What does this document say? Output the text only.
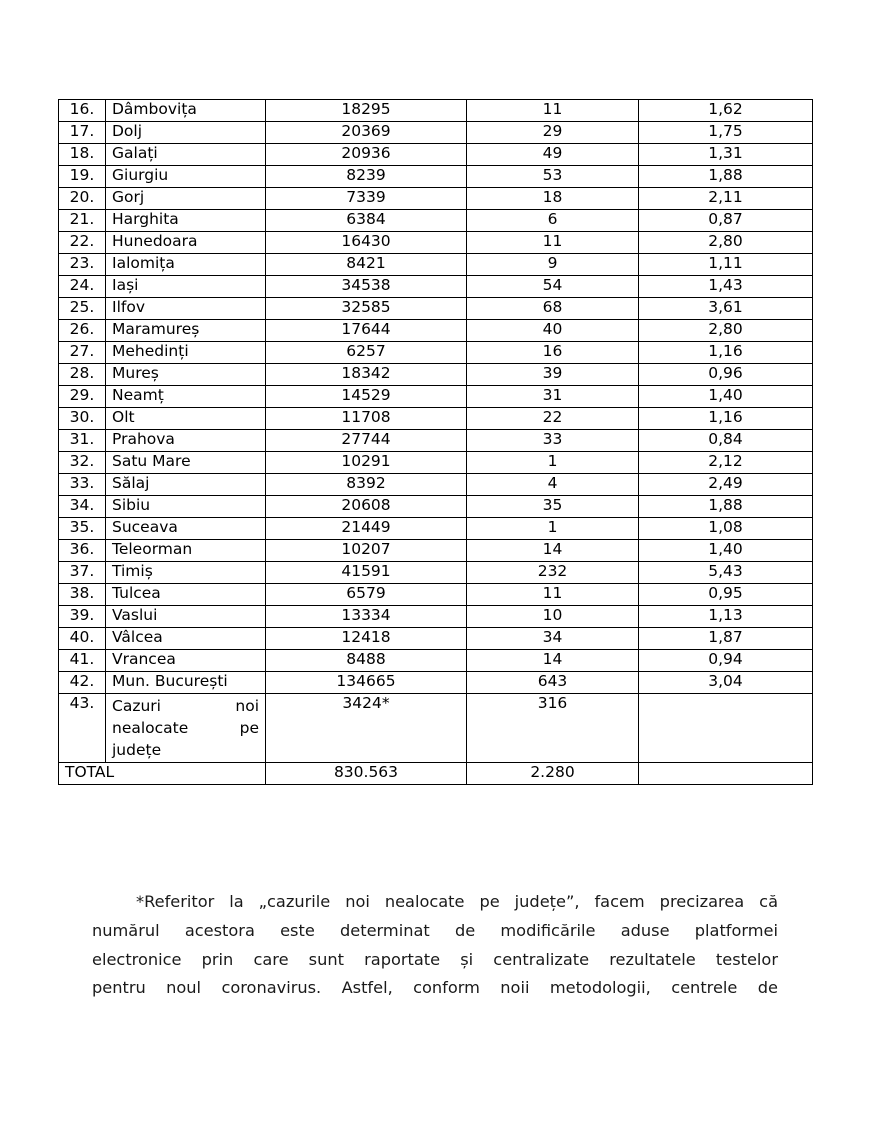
16.	Dâmbovița	18295	11	1,62
17.	Dolj	20369	29	1,75
18.	Galați	20936	49	1,31
19.	Giurgiu	8239	53	1,88
20.	Gorj	7339	18	2,11
21.	Harghita	6384	6	0,87
22.	Hunedoara	16430	11	2,80
23.	Ialomița	8421	9	1,11
24.	Iași	34538	54	1,43
25.	Ilfov	32585	68	3,61
26.	Maramureș	17644	40	2,80
27.	Mehedinți	6257	16	1,16
28.	Mureș	18342	39	0,96
29.	Neamț	14529	31	1,40
30.	Olt	11708	22	1,16
31.	Prahova	27744	33	0,84
32.	Satu Mare	10291	1	2,12
33.	Sălaj	8392	4	2,49
34.	Sibiu	20608	35	1,88
35.	Suceava	21449	1	1,08
36.	Teleorman	10207	14	1,40
37.	Timiș	41591	232	5,43
38.	Tulcea	6579	11	0,95
39.	Vaslui	13334	10	1,13
40.	Vâlcea	12418	34	1,87
41.	Vrancea	8488	14	0,94
42.	Mun. București	134665	643	3,04
43.	Cazuri noi nealocate pe județe	3424*	316	
TOTAL		830.563	2.280	
*Referitor la „cazurile noi nealocate pe județe”, facem precizarea că
numărul acestora este determinat de modificările aduse platformei
electronice prin care sunt raportate și centralizate rezultatele testelor
pentru noul coronavirus. Astfel, conform noii metodologii, centrele de
